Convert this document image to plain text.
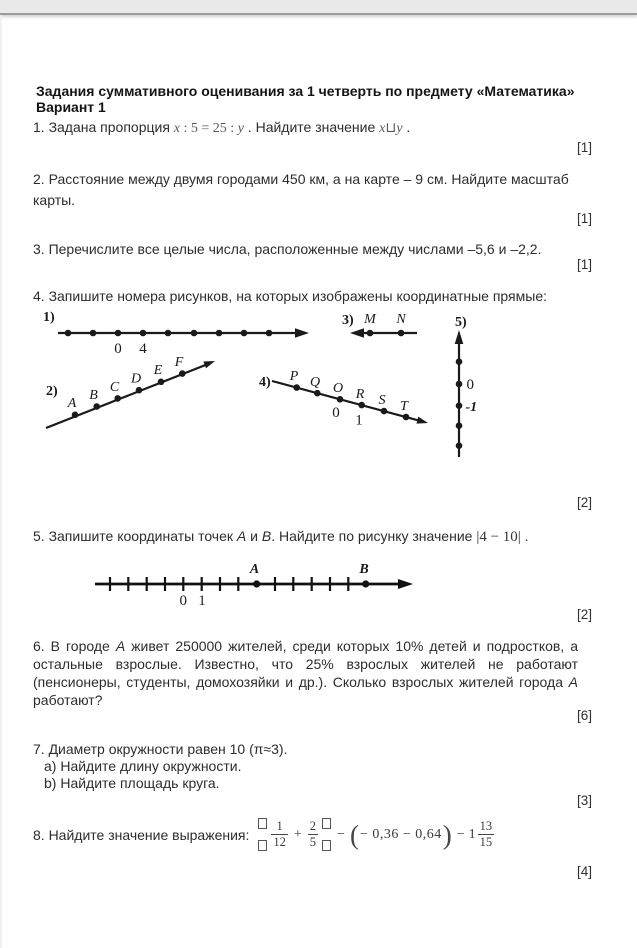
Задания суммативного оценивания за 1 четверть по предмету «Математика»
Вариант 1
1. Задана пропорция x : 5 = 25 : y . Найдите значение x⊔y .
[1]
2. Расстояние между двумя городами 450 км, а на карте – 9 см. Найдите масштаб карты.
[1]
3. Перечислите все целые числа, расположенные между числами –5,6 и –2,2.
[1]
4. Запишите номера рисунков, на которых изображены координатные прямые:
1)
0 4
2)
A
B
C
D
E
F
3) M N
4) P Q O R S T
0 1
5)
0
-1
[2]
5. Запишите координаты точек A и B. Найдите по рисунку значение |4 − 10| .
A	B
0 1
[2]
6. В городе А живет 250000 жителей, среди которых 10% детей и подростков, а остальные взрослые. Известно, что 25% взрослых жителей не работают (пенсионеры, студенты, домохозяйки и др.). Сколько взрослых жителей города А работают?
[6]
7. Диаметр окружности равен 10 (π≈3).
a) Найдите длину окружности.
b) Найдите площадь круга.
[3]
8. Найдите значение выражения: $\frac{1}{12} + \frac{2}{5}$ − ( − 0,36 − 0,64 ) − $1 \frac{13}{15}$
[4]
